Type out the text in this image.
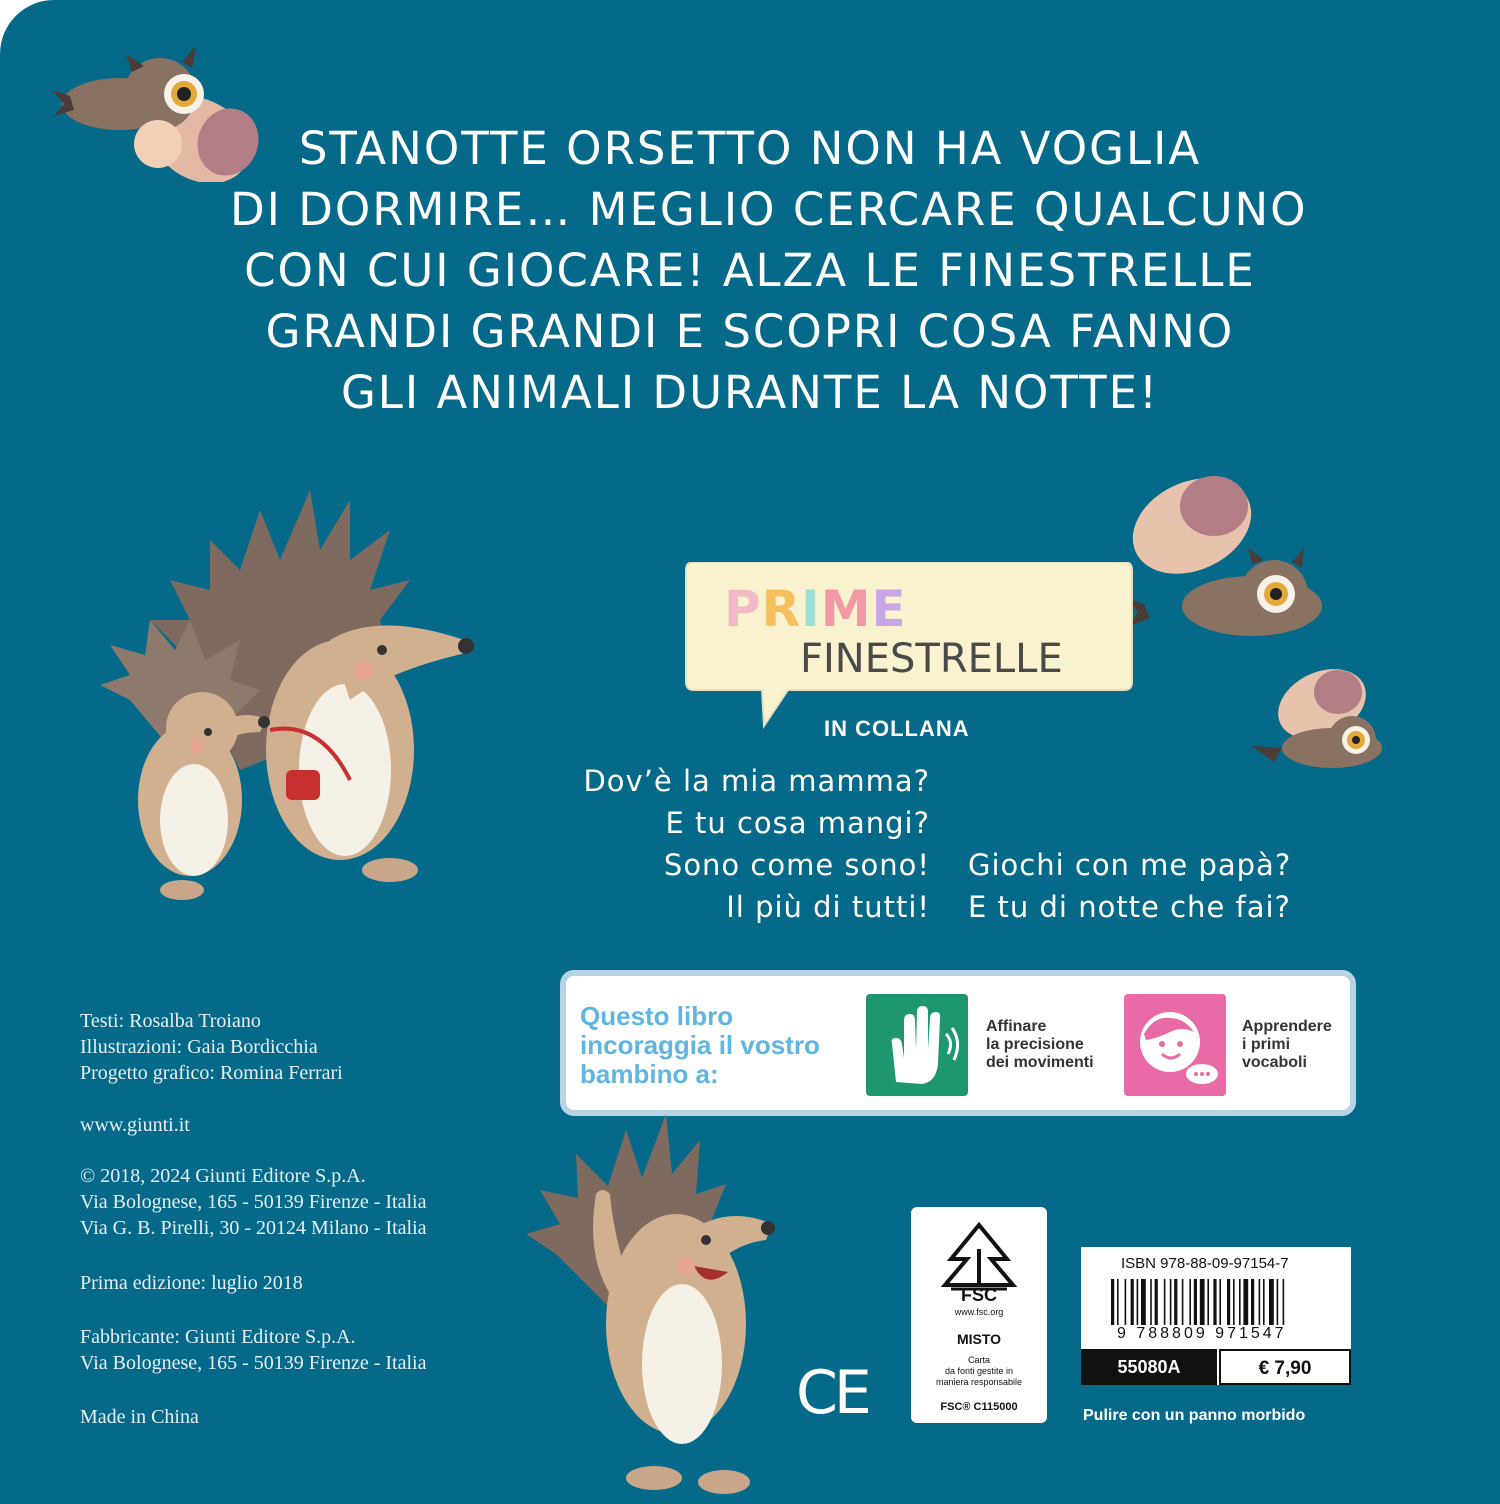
STANOTTE ORSETTO NON HA VOGLIA
DI DORMIRE… MEGLIO CERCARE QUALCUNO
CON CUI GIOCARE! ALZA LE FINESTRELLE
GRANDI GRANDI E SCOPRI COSA FANNO
GLI ANIMALI DURANTE LA NOTTE!
PRIME
FINESTRELLE
IN COLLANA
Dov’è la mia mamma?
E tu cosa mangi?
Sono come sono!
Il più di tutti!
Giochi con me papà?
E tu di notte che fai?
Questo libro
incoraggia il vostro
bambino a:
Affinare
la precisione
dei movimenti
Apprendere
i primi
vocaboli
Testi: Rosalba Troiano
Illustrazioni: Gaia Bordicchia
Progetto grafico: Romina Ferrari
www.giunti.it
© 2018, 2024 Giunti Editore S.p.A.
Via Bolognese, 165 - 50139 Firenze - Italia
Via G. B. Pirelli, 30 - 20124 Milano - Italia
Prima edizione: luglio 2018
Fabbricante: Giunti Editore S.p.A.
Via Bolognese, 165 - 50139 Firenze - Italia
Made in China	CE
FSC
www.fsc.org
MISTO
Carta
da fonti gestite in
maniera responsabile
FSC® C115000
ISBN 978-88-09-97154-7
9 788809 971547
55080A	€ 7,90
Pulire con un panno morbido
